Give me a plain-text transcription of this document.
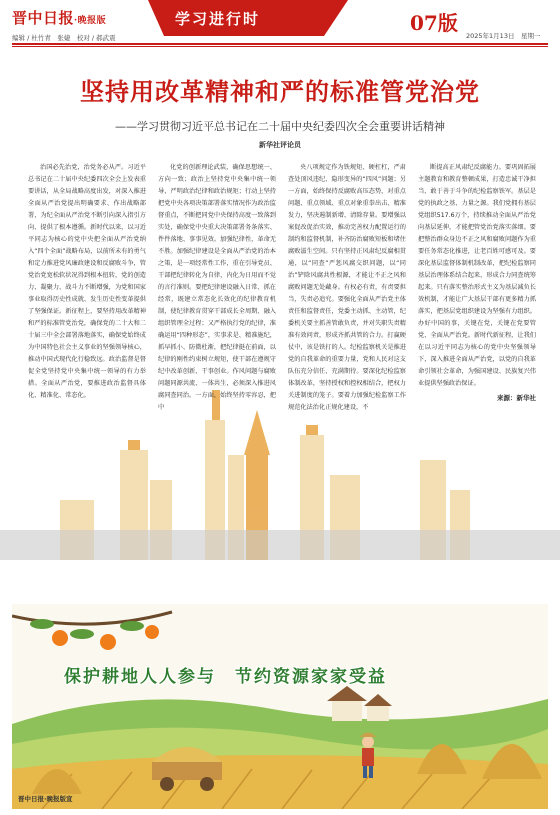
晋中日报·晚报版
编辑 / 杜竹青　张婕　校对 / 郝武震
学习进行时	07版
2025年1月13日　星期一
坚持用改革精神和严的标准管党治党
——学习贯彻习近平总书记在二十届中央纪委四次全会重要讲话精神
新华社评论员

治国必先治党，治党务必从严。习近平总书记在二十届中央纪委四次全会上发表重要讲话，从全局战略高度出发，对深入推进全面从严治党提出明确要求、作出战略部署，为纪全面从严治党不断引向深入指引方向、提供了根本遵循。新时代以来，以习近平同志为核心的党中央把全面从严治党纳入“四个全面”战略布局，以前所未有的勇气和定力推进党风廉政建设和反腐败斗争，管党治党宽松软状况得到根本扭转，党的创造力、凝聚力、战斗力不断增强，为党和国家事业取得历史性成就、发生历史性变革提供了坚强保证。新征程上，要坚持用改革精神和严的标准管党治党，确保党的二十大和二十届三中全会部署落地落实，确保党始终成为中国特色社会主义事业的坚强领导核心，推动中国式现代化行稳致远。政治监督是督促全党坚持党中央集中统一领导的有力举措。全面从严治党，要推进政治监督具体化、精准化、常态化。

化党的创新理论武装，确保思想统一、方向一致；政治上坚持党中央集中统一领导，严明政治纪律和政治规矩；行动上坚持把党中央各项决策部署落实情况作为政治监督重点，不断把同党中央保持高度一致落到实处，确保党中央重大决策部署务条落实、件件落地、事事见效。加强纪律性，革命无不胜。加强纪律建设是全面从严治党的治本之策，是一项经常性工作，重在引导党员、干部把纪律转化为自律，内化为日用而不觉的言行准则。要把纪律建设融入日常、抓在经常，既建立常态化长效化的纪律教育机制，使纪律教育贯穿干部成长全周期、融入组织管理全过程；又严格执行党的纪律，准确运用“四种形态”，实事求是、精准施纪，抓早抓小、防微杜渐，把纪律挺在前面，以纪律的刚性约束树立规矩，使干部在遵规守纪中改革创新、干事创业。作风问题与腐败问题同源共流、一体共生，必须深入推进风腐同查同治。一方面，始终坚持零容忍，把中

央八项规定作为铁规矩、硬杠杠，严肃查处顶风违纪、隐形变异的“四风”问题；另一方面，始终保持反腐败高压态势，对重点问题、重点领域、重点对象重拳出击、精准发力，坚决遏制新增、清除存量。要增强以案促改促治实效，推动完善权力配置运行的制约和监督机制，补齐防治腐败短板和堵住腐败滋生空间。只有坚持正风肃纪反腐相贯通，以“同查”严惩风腐交织问题，以“同治”铲除风腐共性根源，才能让不正之风和腐败问题无处藏身。有权必有责，有责要担当，失责必追究。要强化全面从严治党主体责任和监督责任，党委主动抓、主动管，纪委机关要主抓善管敢负责，并对失职失责精准有效问责，形成齐抓共管的合力。打赢硬仗中，该是铁打的人。纪检监察机关是推进党的自我革命的重要力量，党和人民对这支队伍充分信任、充满期待。要深化纪检监察体制改革，坚持授权和控权相结合，把权力关进制度的笼子。要着力加强纪检监察工作规范化法治化正规化建设，不

断提高正风肃纪反腐能力。要巩固拓展主题教育和教育整顿成果，打造忠诚干净担当、敢于善于斗争的纪检监察铁军。基层是党的执政之基、力量之源。我们党拥有基层党组织517.6万个，持续推动全面从严治党向基层延伸，才能把管党治党落实落细。要把整治群众身边不正之风和腐败问题作为重要任务常态化推进，让老百姓可感可及。要深化基层监督体制机制改革，把纪检监察同基层治理体系结合起来，形成合力同查统筹起来。只有落实整治形式主义为基层减负长效机制，才能让广大基层干部有更多精力抓落实，把基层党组织建设为坚强有力组织。办好中国的事，关键在党，关键在党要管党、全面从严治党。新时代新征程，让我们在以习近平同志为核心的党中央坚强领导下，深入推进全面从严治党，以党的自我革命引领社会革命，为强国建设、民族复兴伟业提供坚强政治保证。

来源：新华社
保护耕地人人参与　节约资源家家受益
晋中日报·晚报版宣
